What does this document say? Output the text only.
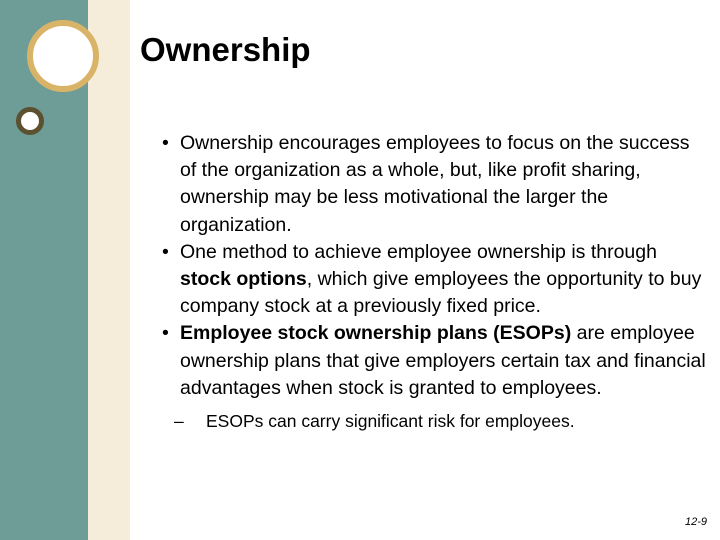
Ownership
• Ownership encourages employees to focus on the success of the organization as a whole, but, like profit sharing, ownership may be less motivational the larger the organization.
• One method to achieve employee ownership is through stock options, which give employees the opportunity to buy company stock at a previously fixed price.
• Employee stock ownership plans (ESOPs) are employee ownership plans that give employers certain tax and financial advantages when stock is granted to employees.
– ESOPs can carry significant risk for employees.
12-9
